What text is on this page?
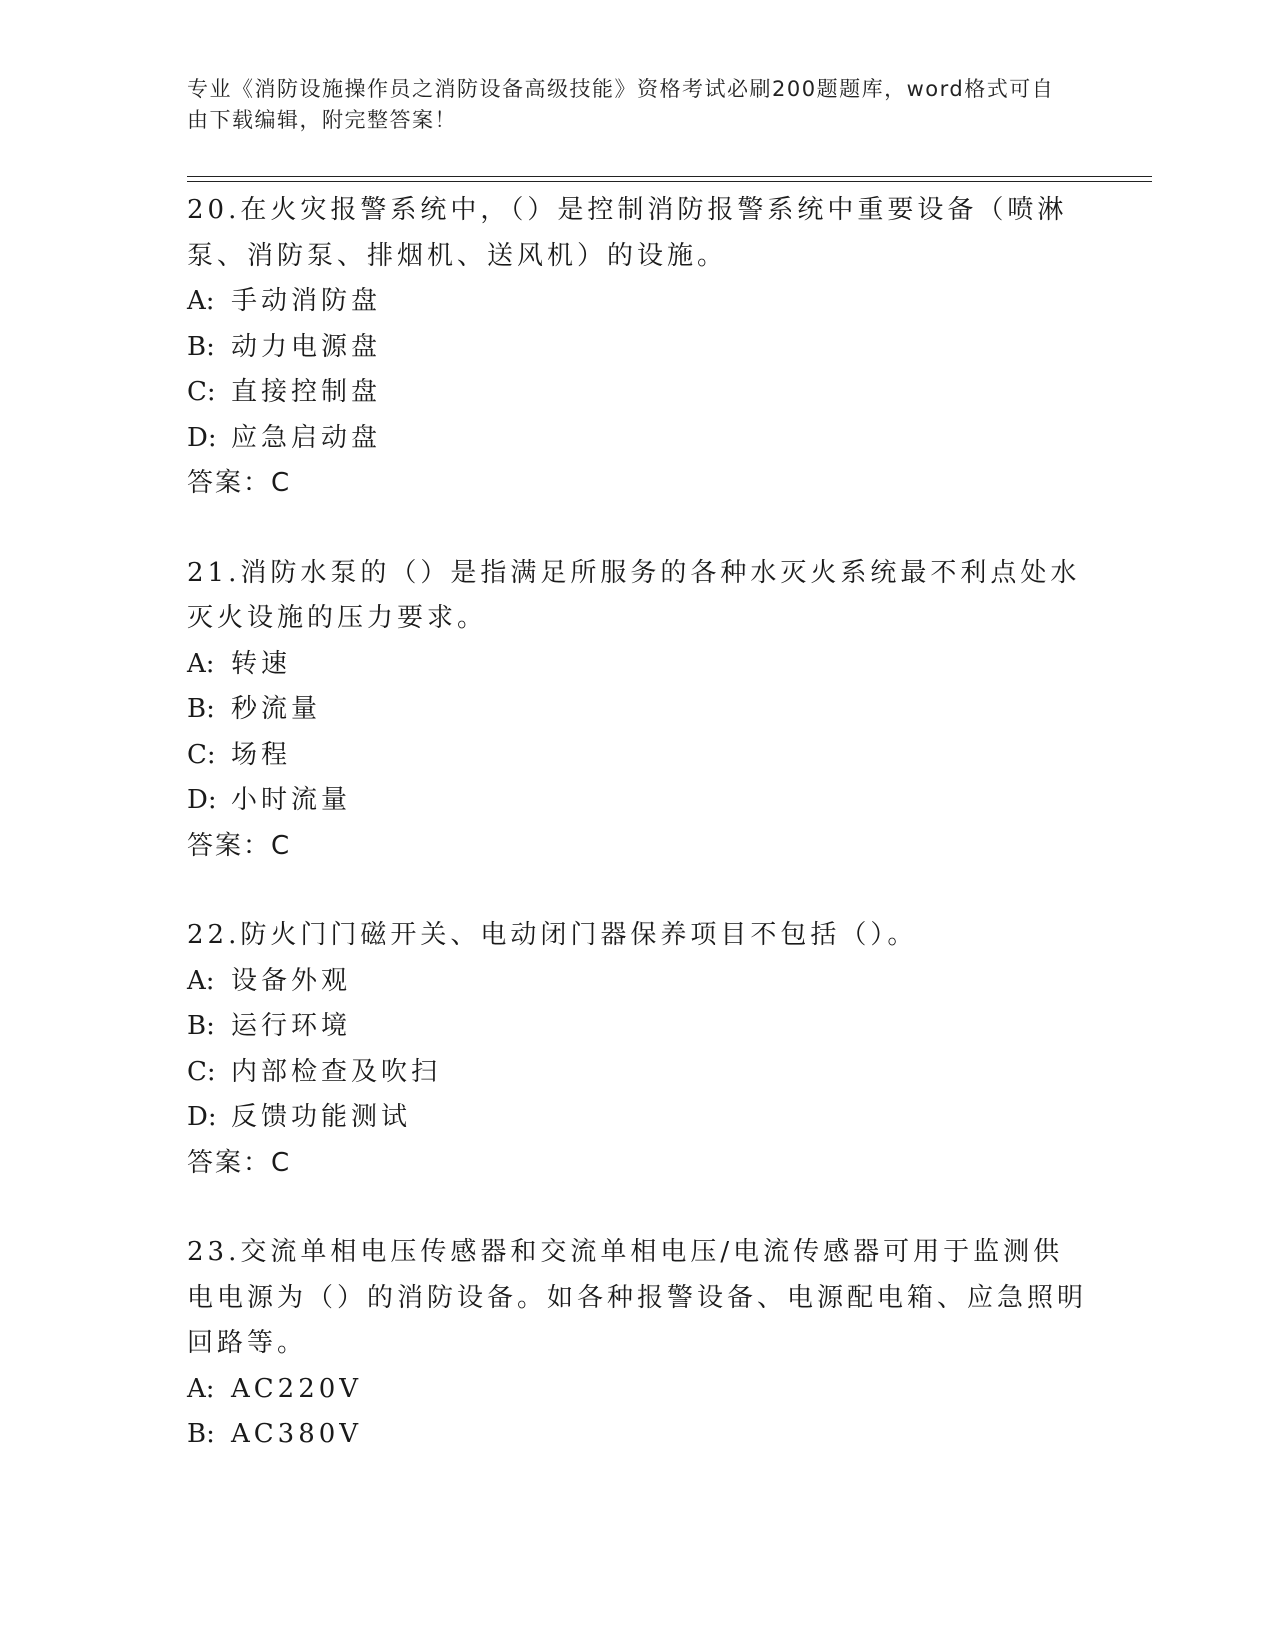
专业《消防设施操作员之消防设备高级技能》资格考试必刷200题题库，word格式可自由下载编辑，附完整答案！
20.在火灾报警系统中，（）是控制消防报警系统中重要设备（喷淋泵、消防泵、排烟机、送风机）的设施。
A: 手动消防盘
B: 动力电源盘
C: 直接控制盘
D: 应急启动盘
答案：C
21.消防水泵的（）是指满足所服务的各种水灭火系统最不利点处水灭火设施的压力要求。
A: 转速
B: 秒流量
C: 场程
D: 小时流量
答案：C
22.防火门门磁开关、电动闭门器保养项目不包括（）。
A: 设备外观
B: 运行环境
C: 内部检查及吹扫
D: 反馈功能测试
答案：C
23.交流单相电压传感器和交流单相电压/电流传感器可用于监测供电电源为（）的消防设备。如各种报警设备、电源配电箱、应急照明回路等。
A: AC220V
B: AC380V
